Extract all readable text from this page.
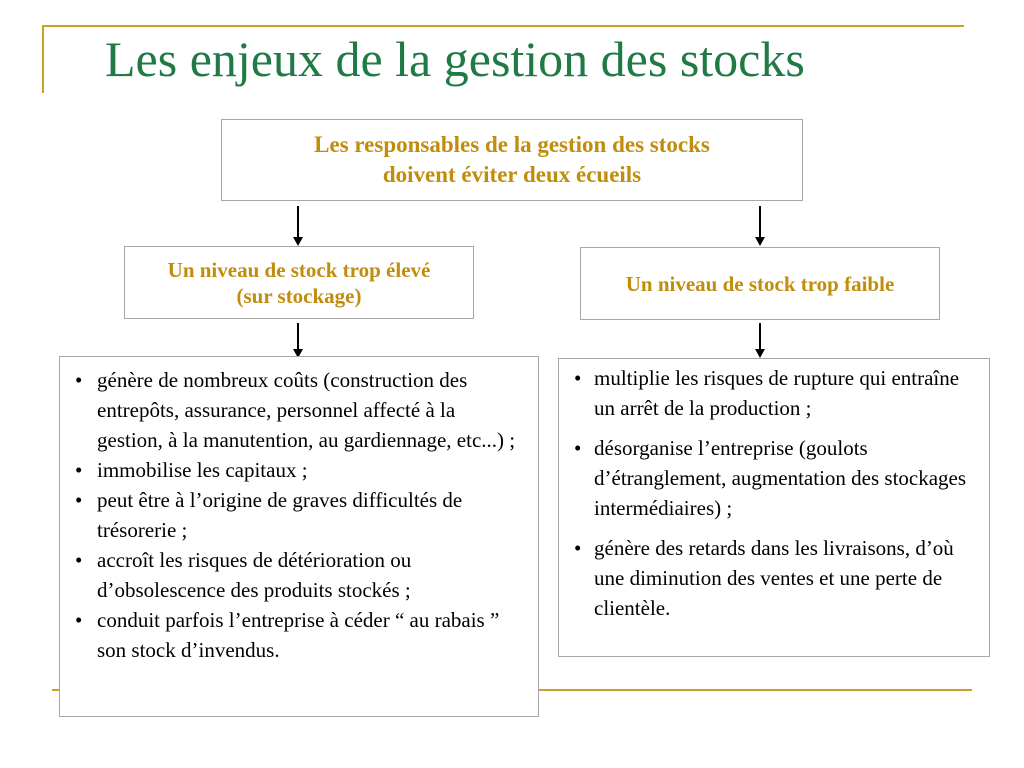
Les enjeux de la gestion des stocks
Les responsables de la gestion des stocks
doivent éviter deux écueils
Un niveau de stock trop élevé
(sur stockage)	Un niveau de stock trop faible
• génère de nombreux coûts (construction des entrepôts, assurance, personnel affecté à la gestion, à la manutention, au gardiennage, etc...) ;
• immobilise les capitaux ;
• peut être à l’origine de graves difficultés de trésorerie ;
• accroît les risques de détérioration ou d’obsolescence des produits stockés ;
• conduit parfois l’entreprise à céder “ au rabais ” son stock d’invendus.
• multiplie les risques de rupture qui entraîne un arrêt de la production ;
• désorganise l’entreprise (goulots d’étranglement, augmentation des stockages intermédiaires) ;
• génère des retards dans les livraisons, d’où une diminution des ventes et une perte de clientèle.
